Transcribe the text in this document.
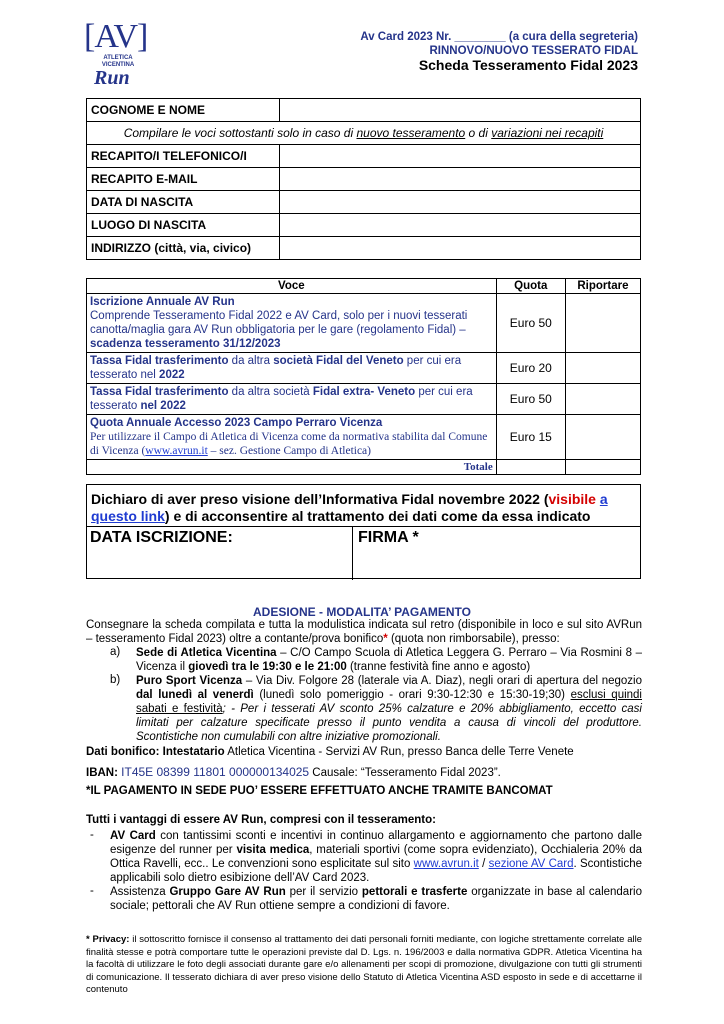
[AV]
ATLETICA
VICENTINA
Run
Av Card 2023 Nr. ________ (a cura della segreteria)
RINNOVO/NUOVO TESSERATO FIDAL
Scheda Tesseramento Fidal 2023
COGNOME E NOME	
Compilare le voci sottostanti solo in caso di nuovo tesseramento o di variazioni nei recapiti	
RECAPITO/I TELEFONICO/I	
RECAPITO E-MAIL	
DATA DI NASCITA	
LUOGO DI NASCITA	
INDIRIZZO (città, via, civico)	
Voce	Quota	Riportare
Iscrizione Annuale AV Run
Comprende Tesseramento Fidal 2022 e AV Card, solo per i nuovi tesserati canotta/maglia gara AV Run obbligatoria per le gare (regolamento Fidal) – scadenza tesseramento 31/12/2023	Euro 50	
Tassa Fidal trasferimento da altra società Fidal del Veneto per cui era tesserato nel 2022	Euro 20	
Tassa Fidal trasferimento da altra società Fidal extra- Veneto per cui era tesserato nel 2022	Euro 50	
Quota Annuale Accesso 2023 Campo Perraro Vicenza
Per utilizzare il Campo di Atletica di Vicenza come da normativa stabilita dal Comune di Vicenza (www.avrun.it – sez. Gestione Campo di Atletica)	Euro 15	
Totale		
Dichiaro di aver preso visione dell’Informativa Fidal novembre 2022 (visibile a
questo link) e di acconsentire al trattamento dei dati come da essa indicato
DATA ISCRIZIONE:	FIRMA *
ADESIONE - MODALITA’ PAGAMENTO
Consegnare la scheda compilata e tutta la modulistica indicata sul retro (disponibile in loco e sul sito AVRun – tesseramento Fidal 2023) oltre a contante/prova bonifico* (quota non rimborsabile), presso:
a) Sede di Atletica Vicentina – C/O Campo Scuola di Atletica Leggera G. Perraro – Via Rosmini 8 – Vicenza il giovedì tra le 19:30 e le 21:00 (tranne festività fine anno e agosto)
b) Puro Sport Vicenza – Via Div. Folgore 28 (laterale via A. Diaz), negli orari di apertura del negozio dal lunedì al venerdì (lunedì solo pomeriggio - orari 9:30-12:30 e 15:30-19;30) esclusi quindi sabati e festività; - Per i tesserati AV sconto 25% calzature e 20% abbigliamento, eccetto casi limitati per calzature specificate presso il punto vendita a causa di vincoli del produttore. Scontistiche non cumulabili con altre iniziative promozionali.
Dati bonifico: Intestatario Atletica Vicentina - Servizi AV Run, presso Banca delle Terre Venete
IBAN: IT45E 08399 11801 000000134025 Causale: “Tesseramento Fidal 2023”.
*IL PAGAMENTO IN SEDE PUO’ ESSERE EFFETTUATO ANCHE TRAMITE BANCOMAT
Tutti i vantaggi di essere AV Run, compresi con il tesseramento:
- AV Card con tantissimi sconti e incentivi in continuo allargamento e aggiornamento che partono dalle esigenze del runner per visita medica, materiali sportivi (come sopra evidenziato), Occhialeria 20% da Ottica Ravelli, ecc.. Le convenzioni sono esplicitate sul sito www.avrun.it / sezione AV Card. Scontistiche applicabili solo dietro esibizione dell’AV Card 2023.
- Assistenza Gruppo Gare AV Run per il servizio pettorali e trasferte organizzate in base al calendario sociale; pettorali che AV Run ottiene sempre a condizioni di favore.
* Privacy: il sottoscritto fornisce il consenso al trattamento dei dati personali forniti mediante, con logiche strettamente correlate alle finalità stesse e potrà comportare tutte le operazioni previste dal D. Lgs. n. 196/2003 e dalla normativa GDPR. Atletica Vicentina ha la facoltà di utilizzare le foto degli associati durante gare e/o allenamenti per scopi di promozione, divulgazione con tutti gli strumenti di comunicazione. Il tesserato dichiara di aver preso visione dello Statuto di Atletica Vicentina ASD esposto in sede e di accettarne il contenuto
